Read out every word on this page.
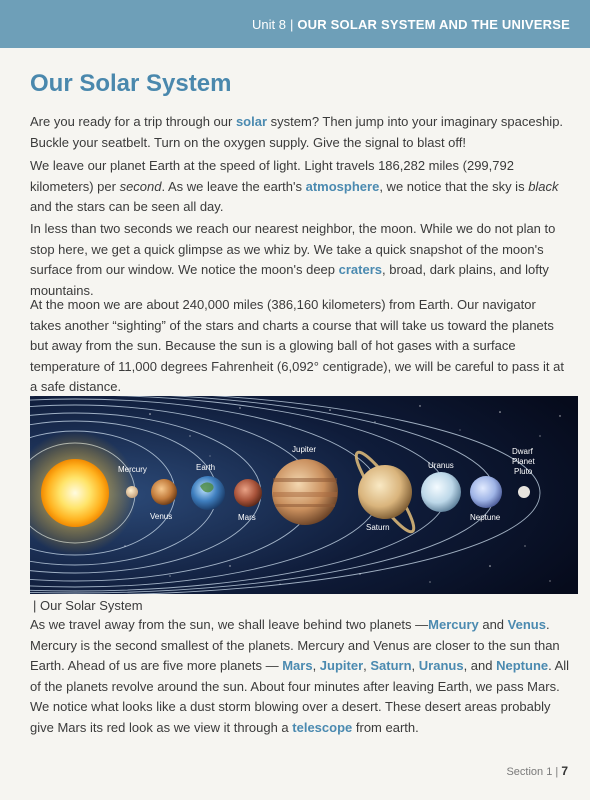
Unit 8 | OUR SOLAR SYSTEM AND THE UNIVERSE
Our Solar System

Are you ready for a trip through our solar system? Then jump into your imaginary spaceship. Buckle your seatbelt. Turn on the oxygen supply. Give the signal to blast off!

We leave our planet Earth at the speed of light. Light travels 186,282 miles (299,792 kilometers) per second. As we leave the earth's atmosphere, we notice that the sky is black and the stars can be seen all day.

In less than two seconds we reach our nearest neighbor, the moon. While we do not plan to stop here, we get a quick glimpse as we whiz by. We take a quick snapshot of the moon's surface from our window. We notice the moon's deep craters, broad, dark plains, and lofty mountains.

At the moon we are about 240,000 miles (386,160 kilometers) from Earth. Our navigator takes another “sighting” of the stars and charts a course that will take us toward the planets but away from the sun. Because the sun is a glowing ball of hot gases with a surface temperature of 11,000 degrees Fahrenheit (6,092° centigrade), we will be careful to pass it at a safe distance.

Mercury
Venus
Earth
Mars
Jupiter
Saturn
Uranus
Neptune
Dwarf
Planet
Pluto
| Our Solar System

As we travel away from the sun, we shall leave behind two planets —Mercury and Venus. Mercury is the second smallest of the planets. Mercury and Venus are closer to the sun than Earth. Ahead of us are five more planets — Mars, Jupiter, Saturn, Uranus, and Neptune. All of the planets revolve around the sun. About four minutes after leaving Earth, we pass Mars. We notice what looks like a dust storm blowing over a desert. These desert areas probably give Mars its red look as we view it through a telescope from earth.

Section 1 | 7
